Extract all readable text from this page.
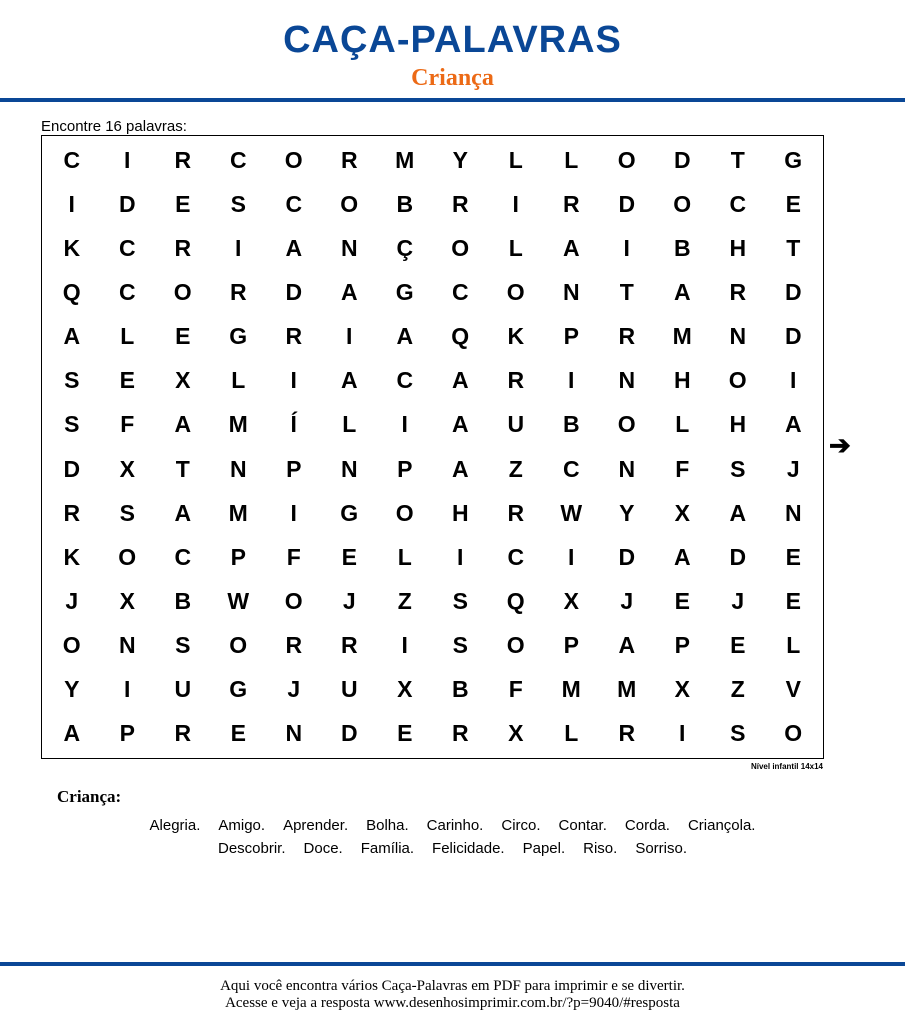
CAÇA-PALAVRAS
Criança
Encontre 16 palavras:
C	I	R	C	O	R	M	Y	L	L	O	D	T	G
I	D	E	S	C	O	B	R	I	R	D	O	C	E
K	C	R	I	A	N	Ç	O	L	A	I	B	H	T
Q	C	O	R	D	A	G	C	O	N	T	A	R	D
A	L	E	G	R	I	A	Q	K	P	R	M	N	D
S	E	X	L	I	A	C	A	R	I	N	H	O	I
S	F	A	M	Í	L	I	A	U	B	O	L	H	A
D	X	T	N	P	N	P	A	Z	C	N	F	S	J
R	S	A	M	I	G	O	H	R	W	Y	X	A	N
K	O	C	P	F	E	L	I	C	I	D	A	D	E
J	X	B	W	O	J	Z	S	Q	X	J	E	J	E
O	N	S	O	R	R	I	S	O	P	A	P	E	L
Y	I	U	G	J	U	X	B	F	M	M	X	Z	V
A	P	R	E	N	D	E	R	X	L	R	I	S	O
Nível infantil 14x14
➔
Criança:
Alegria. Amigo. Aprender. Bolha. Carinho. Circo. Contar. Corda. Criançola.
Descobrir. Doce. Família. Felicidade. Papel. Riso. Sorriso.
Aqui você encontra vários Caça-Palavras em PDF para imprimir e se divertir.
Acesse e veja a resposta www.desenhosimprimir.com.br/?p=9040/#resposta
